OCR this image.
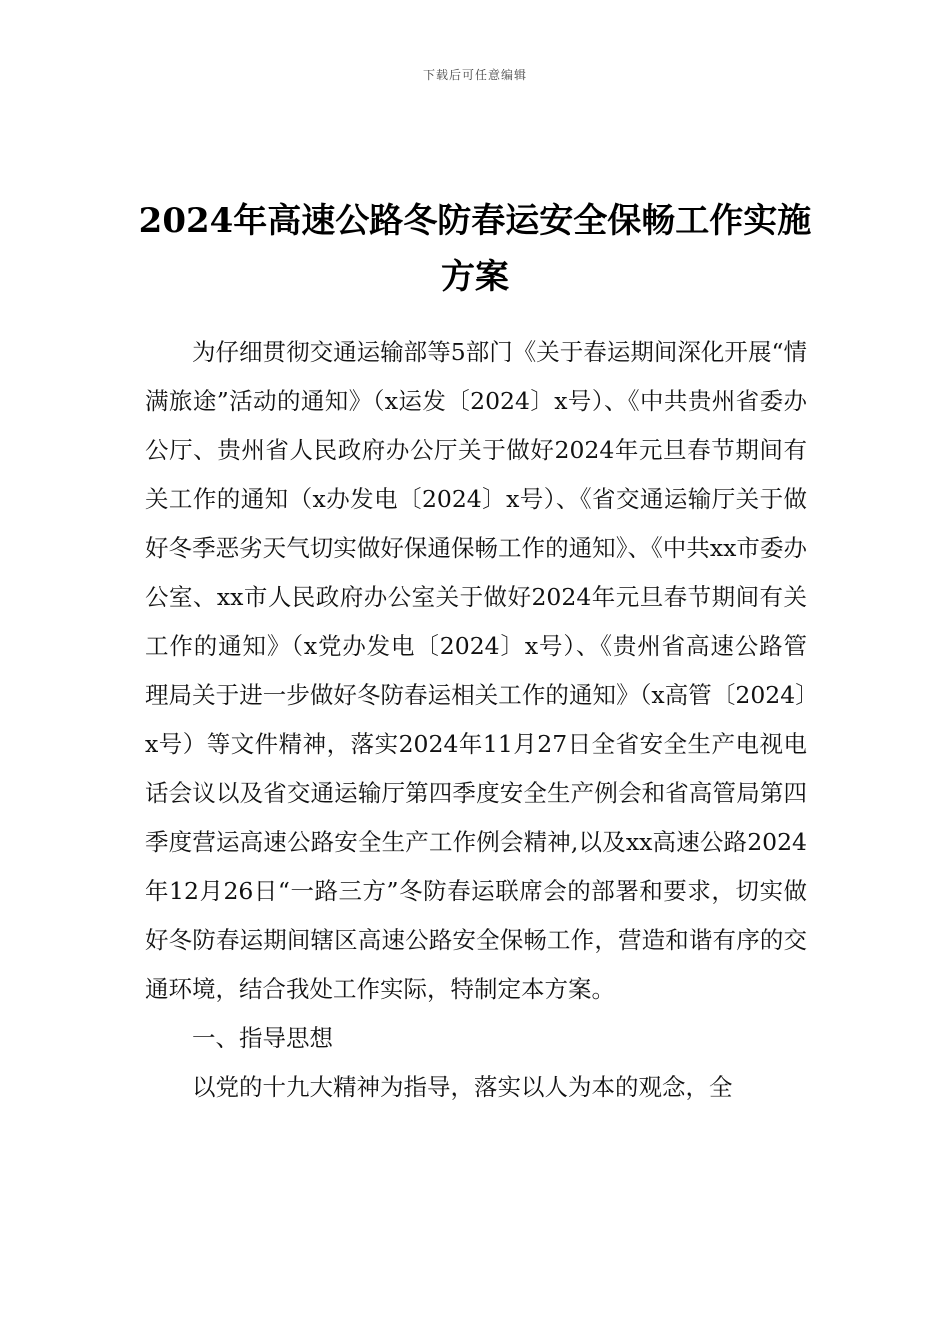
下载后可任意编辑
2024年高速公路冬防春运安全保畅工作实施方案

为仔细贯彻交通运输部等5部门《关于春运期间深化开展“情满旅途”活动的通知》（x运发〔2024〕x号）、《中共贵州省委办公厅、贵州省人民政府办公厅关于做好2024年元旦春节期间有关工作的通知（x办发电〔2024〕x号）、《省交通运输厅关于做好冬季恶劣天气切实做好保通保畅工作的通知》、《中共xx市委办公室、xx市人民政府办公室关于做好2024年元旦春节期间有关工作的通知》（x党办发电〔2024〕x号）、《贵州省高速公路管理局关于进一步做好冬防春运相关工作的通知》（x高管〔2024〕x号）等文件精神，落实2024年11月27日全省安全生产电视电话会议以及省交通运输厅第四季度安全生产例会和省高管局第四季度营运高速公路安全生产工作例会精神,以及xx高速公路2024年12月26日“一路三方”冬防春运联席会的部署和要求，切实做好冬防春运期间辖区高速公路安全保畅工作，营造和谐有序的交通环境，结合我处工作实际，特制定本方案。

一、指导思想

以党的十九大精神为指导，落实以人为本的观念，全
